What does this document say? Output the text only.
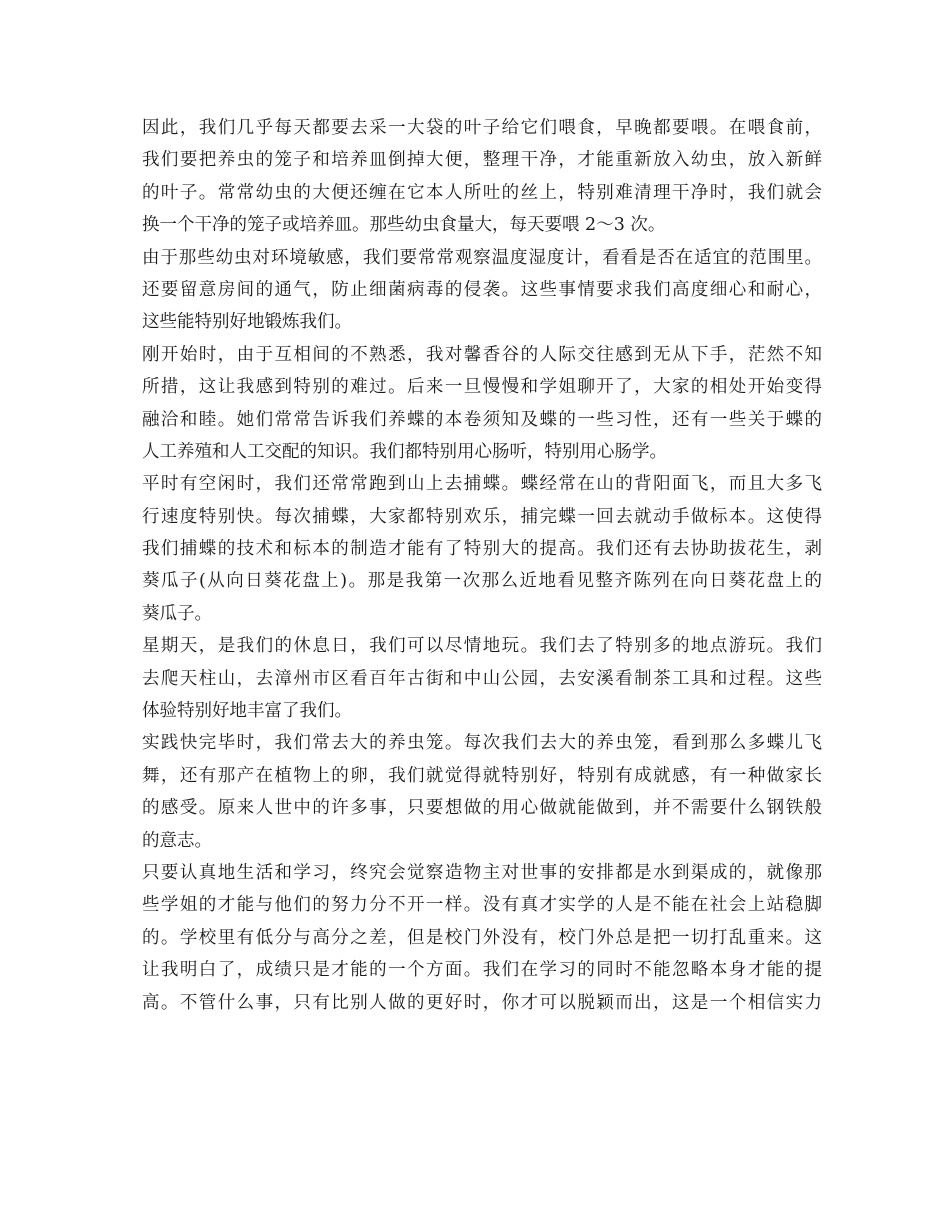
因此，我们几乎每天都要去采一大袋的叶子给它们喂食，早晚都要喂。在喂食前，
我们要把养虫的笼子和培养皿倒掉大便，整理干净，才能重新放入幼虫，放入新鲜
的叶子。常常幼虫的大便还缠在它本人所吐的丝上，特别难清理干净时，我们就会
换一个干净的笼子或培养皿。那些幼虫食量大，每天要喂 2～3 次。
由于那些幼虫对环境敏感，我们要常常观察温度湿度计，看看是否在适宜的范围里。
还要留意房间的通气，防止细菌病毒的侵袭。这些事情要求我们高度细心和耐心，
这些能特别好地锻炼我们。
刚开始时，由于互相间的不熟悉，我对馨香谷的人际交往感到无从下手，茫然不知
所措，这让我感到特别的难过。后来一旦慢慢和学姐聊开了，大家的相处开始变得
融洽和睦。她们常常告诉我们养蝶的本卷须知及蝶的一些习性，还有一些关于蝶的
人工养殖和人工交配的知识。我们都特别用心肠听，特别用心肠学。
平时有空闲时，我们还常常跑到山上去捕蝶。蝶经常在山的背阳面飞，而且大多飞
行速度特别快。每次捕蝶，大家都特别欢乐，捕完蝶一回去就动手做标本。这使得
我们捕蝶的技术和标本的制造才能有了特别大的提高。我们还有去协助拔花生，剥
葵瓜子(从向日葵花盘上)。那是我第一次那么近地看见整齐陈列在向日葵花盘上的
葵瓜子。
星期天，是我们的休息日，我们可以尽情地玩。我们去了特别多的地点游玩。我们
去爬天柱山，去漳州市区看百年古街和中山公园，去安溪看制茶工具和过程。这些
体验特别好地丰富了我们。
实践快完毕时，我们常去大的养虫笼。每次我们去大的养虫笼，看到那么多蝶儿飞
舞，还有那产在植物上的卵，我们就觉得就特别好，特别有成就感，有一种做家长
的感受。原来人世中的许多事，只要想做的用心做就能做到，并不需要什么钢铁般
的意志。
只要认真地生活和学习，终究会觉察造物主对世事的安排都是水到渠成的，就像那
些学姐的才能与他们的努力分不开一样。没有真才实学的人是不能在社会上站稳脚
的。学校里有低分与高分之差，但是校门外没有，校门外总是把一切打乱重来。这
让我明白了，成绩只是才能的一个方面。我们在学习的同时不能忽略本身才能的提
高。不管什么事，只有比别人做的更好时，你才可以脱颖而出，这是一个相信实力
